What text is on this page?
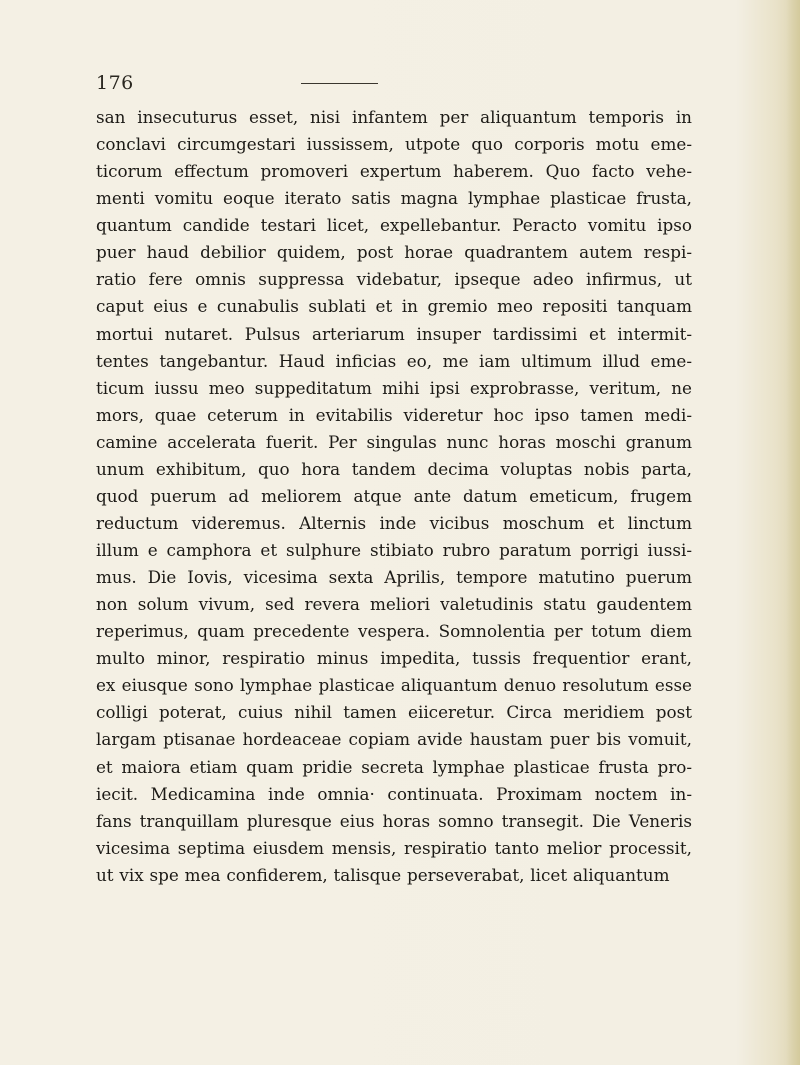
176
san insecuturus esset, nisi infantem per aliquantum temporis in
conclavi circumgestari iussissem, utpote quo corporis motu eme-
ticorum effectum promoveri expertum haberem. Quo facto vehe-
menti vomitu eoque iterato satis magna lymphae plasticae frusta,
quantum candide testari licet, expellebantur. Peracto vomitu ipso
puer haud debilior quidem, post horae quadrantem autem respi-
ratio fere omnis suppressa videbatur, ipseque adeo infirmus, ut
caput eius e cunabulis sublati et in gremio meo repositi tanquam
mortui nutaret. Pulsus arteriarum insuper tardissimi et intermit-
tentes tangebantur. Haud inficias eo, me iam ultimum illud eme-
ticum iussu meo suppeditatum mihi ipsi exprobrasse, veritum, ne
mors, quae ceterum in evitabilis videretur hoc ipso tamen medi-
camine accelerata fuerit. Per singulas nunc horas moschi granum
unum exhibitum, quo hora tandem decima voluptas nobis parta,
quod puerum ad meliorem atque ante datum emeticum, frugem
reductum videremus. Alternis inde vicibus moschum et linctum
illum e camphora et sulphure stibiato rubro paratum porrigi iussi-
mus. Die Iovis, vicesima sexta Aprilis, tempore matutino puerum
non solum vivum, sed revera meliori valetudinis statu gaudentem
reperimus, quam precedente vespera. Somnolentia per totum diem
multo minor, respiratio minus impedita, tussis frequentior erant,
ex eiusque sono lymphae plasticae aliquantum denuo resolutum esse
colligi poterat, cuius nihil tamen eiiceretur. Circa meridiem post
largam ptisanae hordeaceae copiam avide haustam puer bis vomuit,
et maiora etiam quam pridie secreta lymphae plasticae frusta pro-
iecit. Medicamina inde omnia· continuata. Proximam noctem in-
fans tranquillam pluresque eius horas somno transegit. Die Veneris
vicesima septima eiusdem mensis, respiratio tanto melior processit,
ut vix spe mea confiderem, talisque perseverabat, licet aliquantum
